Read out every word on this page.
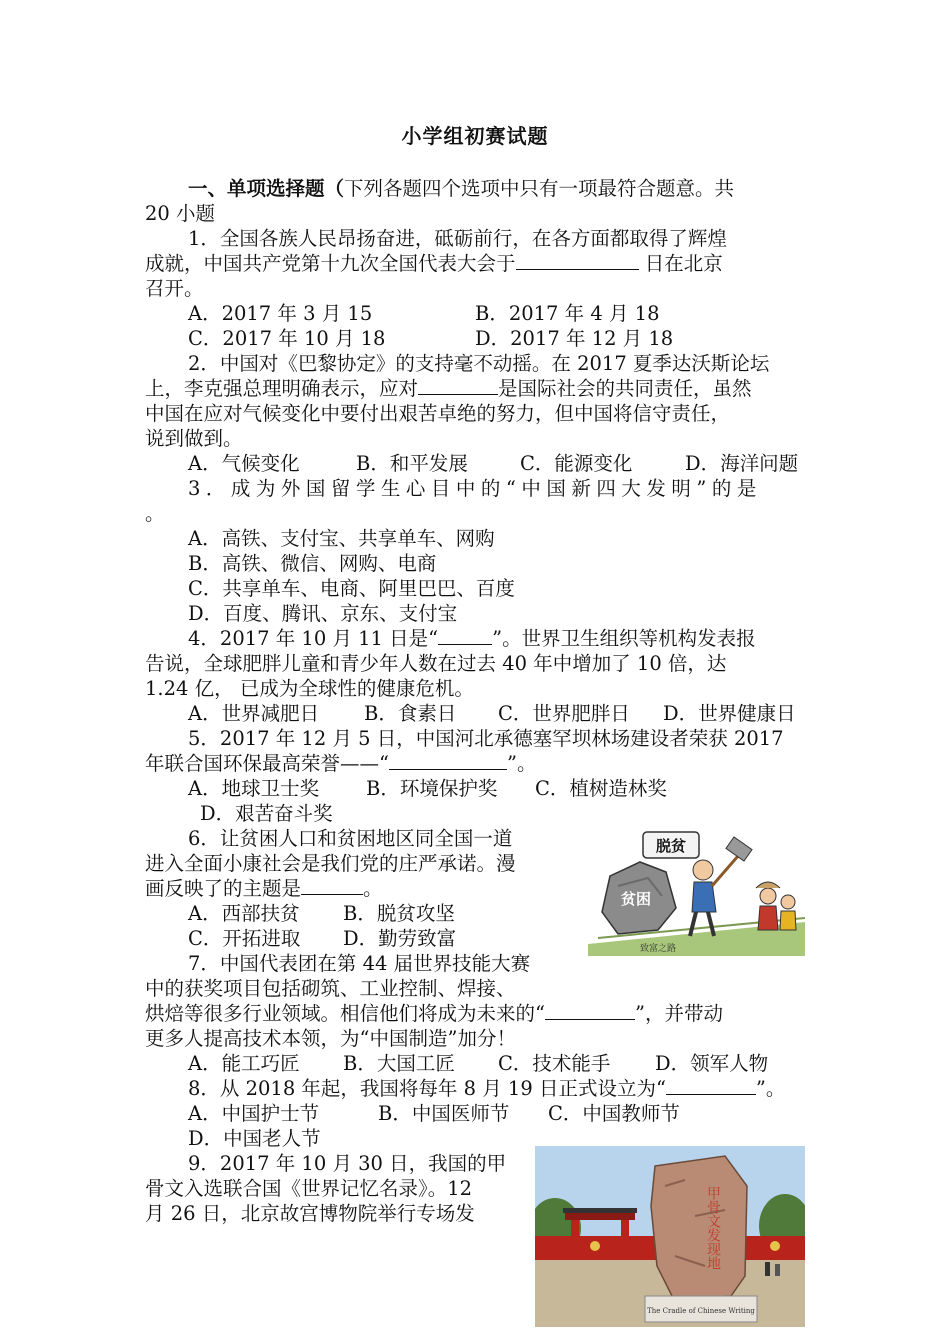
小学组初赛试题
一、单项选择题（下列各题四个选项中只有一项最符合题意。共
20 小题
1．全国各族人民昂扬奋进，砥砺前行，在各方面都取得了辉煌
成就，中国共产党第十九次全国代表大会于	日在北京
召开。
A．2017 年 3 月 15	B．2017 年 4 月 18
C．2017 年 10 月 18	D．2017 年 12 月 18
2．中国对《巴黎协定》的支持毫不动摇。在 2017 夏季达沃斯论坛
上，李克强总理明确表示，应对	是国际社会的共同责任，虽然
中国在应对气候变化中要付出艰苦卓绝的努力，但中国将信守责任，
说到做到。
A．气候变化	B．和平发展	C．能源变化	D．海洋问题
3．成为外国留学生心目中的“中国新四大发明”的是
。
A．高铁、支付宝、共享单车、网购
B．高铁、微信、网购、电商
C．共享单车、电商、阿里巴巴、百度
D．百度、腾讯、京东、支付宝
4．2017 年 10 月 11 日是“	”。世界卫生组织等机构发表报
告说，全球肥胖儿童和青少年人数在过去 40 年中增加了 10 倍，达
1.24 亿， 已成为全球性的健康危机。
A．世界减肥日 B．食素日 C．世界肥胖日 D．世界健康日
5．2017 年 12 月 5 日，中国河北承德塞罕坝林场建设者荣获 2017
年联合国环保最高荣誉——“	”。
A．地球卫士奖 B．环境保护奖 C．植树造林奖
D．艰苦奋斗奖
6．让贫困人口和贫困地区同全国一道
进入全面小康社会是我们党的庄严承诺。漫
画反映了的主题是	。
A．西部扶贫 B．脱贫攻坚
C．开拓进取 D．勤劳致富
脱贫
贫困
致富之路
7．中国代表团在第 44 届世界技能大赛
中的获奖项目包括砌筑、工业控制、焊接、
烘焙等很多行业领域。相信他们将成为未来的“	”，并带动
更多人提高技术本领，为“中国制造”加分！
A．能工巧匠 B．大国工匠 C．技术能手 D．领军人物
8．从 2018 年起，我国将每年 8 月 19 日正式设立为“	”。
A．中国护士节	B．中国医师节 C．中国教师节
D．中国老人节
9．2017 年 10 月 30 日，我国的甲
骨文入选联合国《世界记忆名录》。12
月 26 日，北京故宫博物院举行专场发	甲骨文发现地
The Cradle of Chinese Writing
